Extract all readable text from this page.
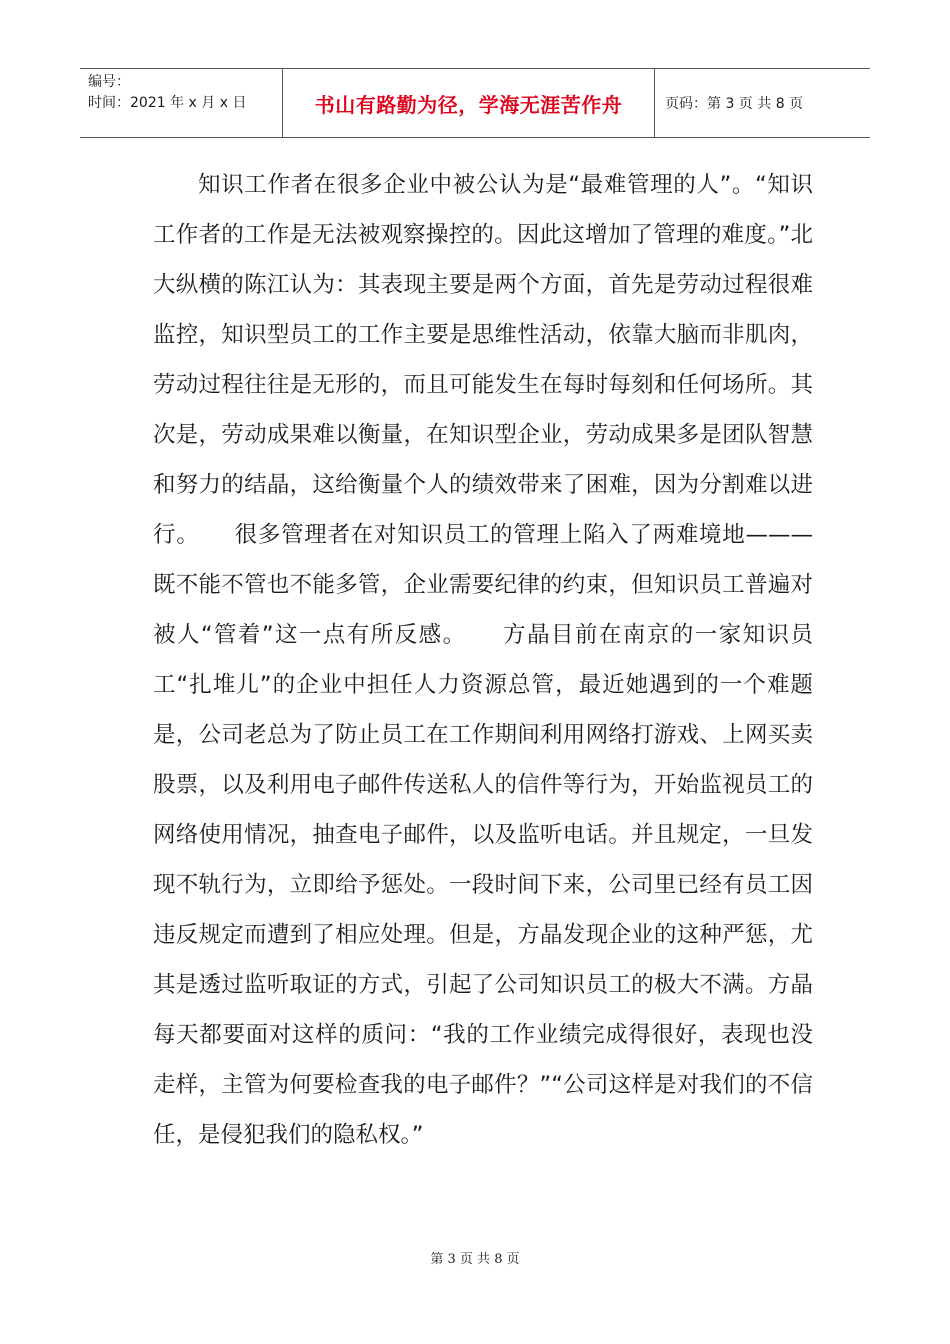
编号：
时间：2021 年 x 月 x 日	书山有路勤为径，学海无涯苦作舟	页码：第 3 页 共 8 页
知识工作者在很多企业中被公认为是“最难管理的人”。“知识工作者的工作是无法被观察操控的。因此这增加了管理的难度。”北大纵横的陈江认为：其表现主要是两个方面，首先是劳动过程很难监控，知识型员工的工作主要是思维性活动，依靠大脑而非肌肉，劳动过程往往是无形的，而且可能发生在每时每刻和任何场所。其次是，劳动成果难以衡量，在知识型企业，劳动成果多是团队智慧和努力的结晶，这给衡量个人的绩效带来了困难，因为分割难以进行。　　很多管理者在对知识员工的管理上陷入了两难境地———既不能不管也不能多管，企业需要纪律的约束，但知识员工普遍对被人“管着”这一点有所反感。　　方晶目前在南京的一家知识员工“扎堆儿”的企业中担任人力资源总管，最近她遇到的一个难题是，公司老总为了防止员工在工作期间利用网络打游戏、上网买卖股票，以及利用电子邮件传送私人的信件等行为，开始监视员工的网络使用情况，抽查电子邮件，以及监听电话。并且规定，一旦发现不轨行为，立即给予惩处。一段时间下来，公司里已经有员工因违反规定而遭到了相应处理。但是，方晶发现企业的这种严惩，尤其是透过监听取证的方式，引起了公司知识员工的极大不满。方晶每天都要面对这样的质问：“我的工作业绩完成得很好，表现也没走样，主管为何要检查我的电子邮件？”“公司这样是对我们的不信任，是侵犯我们的隐私权。”
第 3 页 共 8 页
